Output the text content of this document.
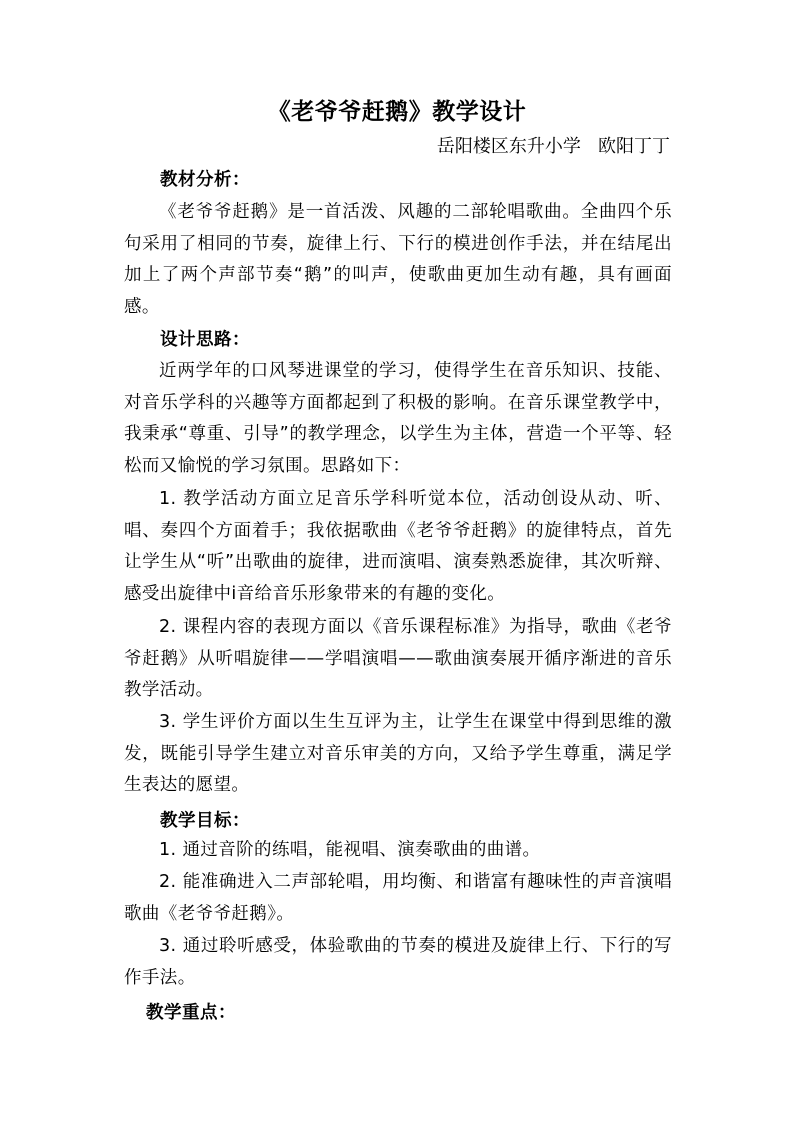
《老爷爷赶鹅》教学设计
岳阳楼区东升小学   欧阳丁丁
教材分析：
《老爷爷赶鹅》是一首活泼、风趣的二部轮唱歌曲。全曲四个乐句采用了相同的节奏，旋律上行、下行的模进创作手法，并在结尾出加上了两个声部节奏“鹅”的叫声，使歌曲更加生动有趣，具有画面感。
设计思路：
近两学年的口风琴进课堂的学习，使得学生在音乐知识、技能、对音乐学科的兴趣等方面都起到了积极的影响。在音乐课堂教学中，我秉承“尊重、引导”的教学理念，以学生为主体，营造一个平等、轻松而又愉悦的学习氛围。思路如下：
1. 教学活动方面立足音乐学科听觉本位，活动创设从动、听、唱、奏四个方面着手；我依据歌曲《老爷爷赶鹅》的旋律特点，首先让学生从“听”出歌曲的旋律，进而演唱、演奏熟悉旋律，其次听辩、感受出旋律中i音给音乐形象带来的有趣的变化。
2. 课程内容的表现方面以《音乐课程标准》为指导，歌曲《老爷爷赶鹅》从听唱旋律——学唱演唱——歌曲演奏展开循序渐进的音乐教学活动。
3. 学生评价方面以生生互评为主，让学生在课堂中得到思维的激发，既能引导学生建立对音乐审美的方向，又给予学生尊重，满足学生表达的愿望。
教学目标：
1. 通过音阶的练唱，能视唱、演奏歌曲的曲谱。
2. 能准确进入二声部轮唱，用均衡、和谐富有趣味性的声音演唱歌曲《老爷爷赶鹅》。
3. 通过聆听感受，体验歌曲的节奏的模进及旋律上行、下行的写作手法。
教学重点：
